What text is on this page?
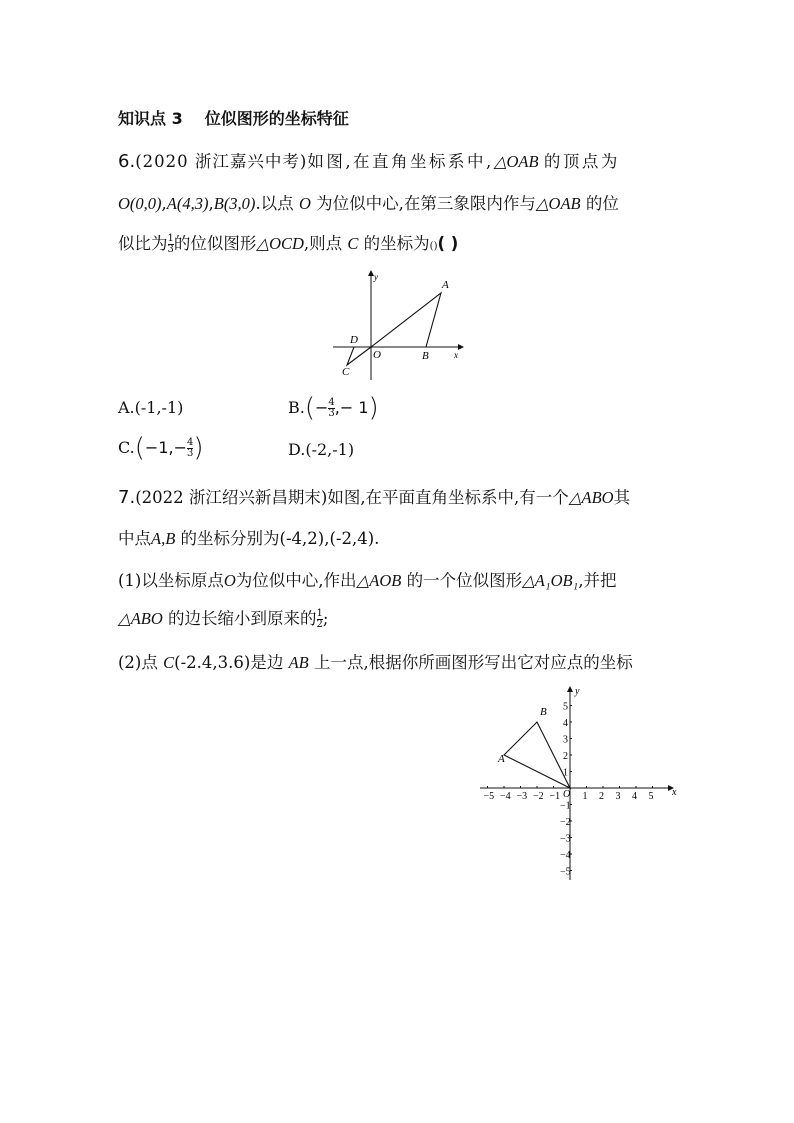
知识点 3 位似图形的坐标特征
6.(2020 浙江嘉兴中考)如图,在直角坐标系中,△OAB 的顶点为
O(0,0),A(4,3),B(3,0).以点 O 为位似中心,在第三象限内作与△OAB 的位
似比为 $\frac{1}{3}$ 的位似图形△OCD,则点 C 的坐标为()( )
A
B
C
D
O	x
y
A.(-1,-1)	$B.(- \frac{4}{3}$ ,− 1)
$C.(-1,- \frac{4}{3}$ )	D.(-2,-1)
7.(2022 浙江绍兴新昌期末)如图,在平面直角坐标系中,有一个△ABO其
中点A,B 的坐标分别为(-4,2),(-2,4).
(1)以坐标原点O为位似中心,作出△AOB 的一个位似图形△A₁OB₁,并把
△ABO 的边长缩小到原来的 $\frac{1}{2}$ ;
(2)点 C(-2.4,3.6)是边 AB 上一点,根据你所画图形写出它对应点的坐标
−5 −4 −3 −2 −1 1 2 3 4 5
5
4
3
2
1
−1
−2
−3
−4
−5
x
y
B
A
O
